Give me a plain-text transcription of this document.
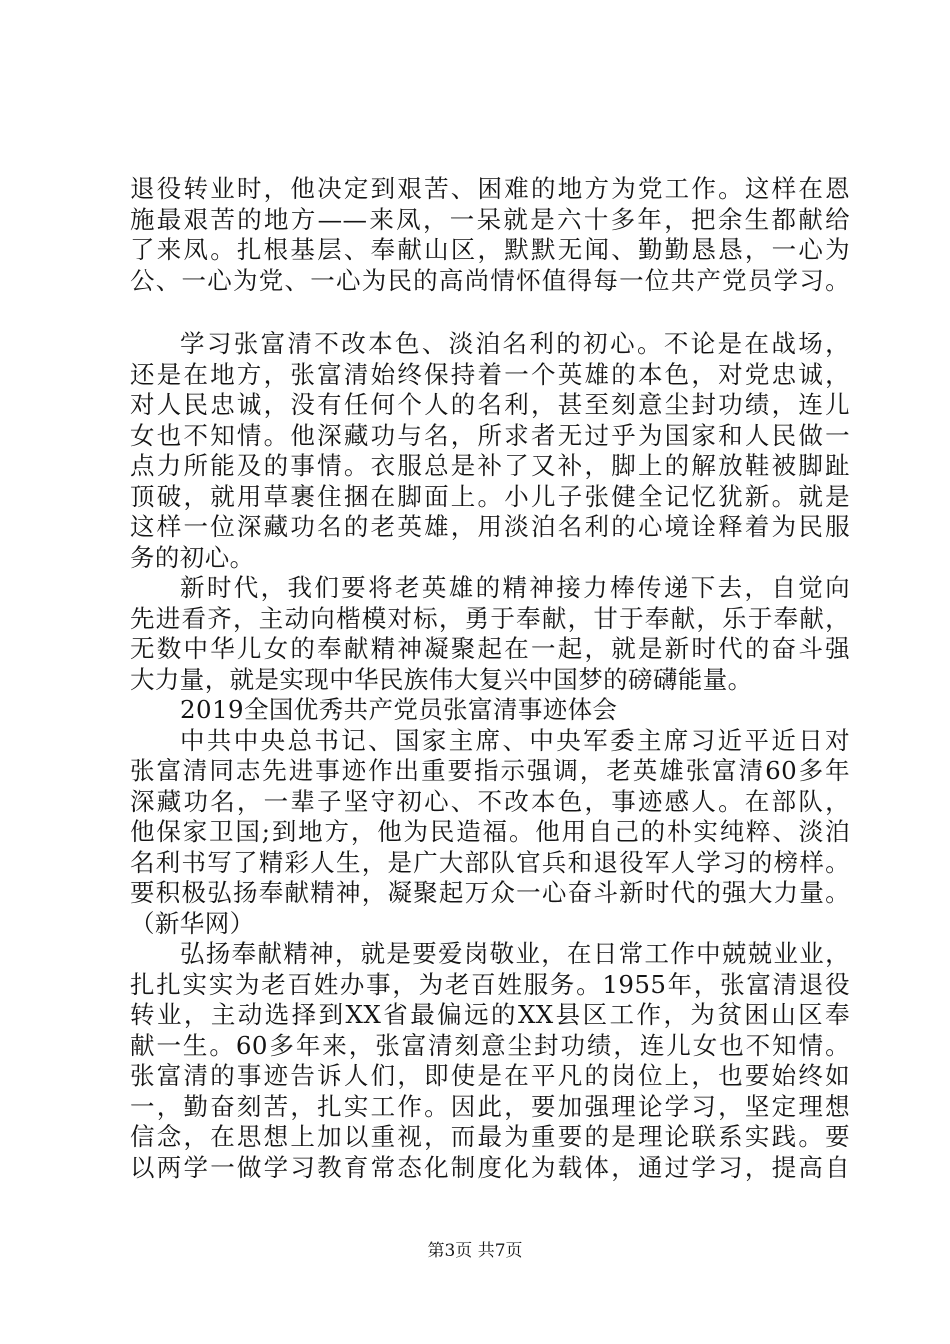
退役转业时，他决定到艰苦、困难的地方为党工作。这样在恩
施最艰苦的地方——来凤，一呆就是六十多年，把余生都献给
了来凤。扎根基层、奉献山区，默默无闻、勤勤恳恳，一心为
公、一心为党、一心为民的高尚情怀值得每一位共产党员学习。
学习张富清不改本色、淡泊名利的初心。不论是在战场，
还是在地方，张富清始终保持着一个英雄的本色，对党忠诚，
对人民忠诚，没有任何个人的名利，甚至刻意尘封功绩，连儿
女也不知情。他深藏功与名，所求者无过乎为国家和人民做一
点力所能及的事情。衣服总是补了又补，脚上的解放鞋被脚趾
顶破，就用草裹住捆在脚面上。小儿子张健全记忆犹新。就是
这样一位深藏功名的老英雄，用淡泊名利的心境诠释着为民服
务的初心。
新时代，我们要将老英雄的精神接力棒传递下去，自觉向
先进看齐，主动向楷模对标，勇于奉献，甘于奉献，乐于奉献，
无数中华儿女的奉献精神凝聚起在一起，就是新时代的奋斗强
大力量，就是实现中华民族伟大复兴中国梦的磅礴能量。
2019全国优秀共产党员张富清事迹体会
中共中央总书记、国家主席、中央军委主席习近平近日对
张富清同志先进事迹作出重要指示强调，老英雄张富清60多年
深藏功名，一辈子坚守初心、不改本色，事迹感人。在部队，
他保家卫国;到地方，他为民造福。他用自己的朴实纯粹、淡泊
名利书写了精彩人生，是广大部队官兵和退役军人学习的榜样。
要积极弘扬奉献精神，凝聚起万众一心奋斗新时代的强大力量。
（新华网）
弘扬奉献精神，就是要爱岗敬业，在日常工作中兢兢业业，
扎扎实实为老百姓办事，为老百姓服务。1955年，张富清退役
转业，主动选择到XX省最偏远的XX县区工作，为贫困山区奉
献一生。60多年来，张富清刻意尘封功绩，连儿女也不知情。
张富清的事迹告诉人们，即使是在平凡的岗位上，也要始终如
一，勤奋刻苦，扎实工作。因此，要加强理论学习，坚定理想
信念，在思想上加以重视，而最为重要的是理论联系实践。要
以两学一做学习教育常态化制度化为载体，通过学习，提高自
第3页 共7页
